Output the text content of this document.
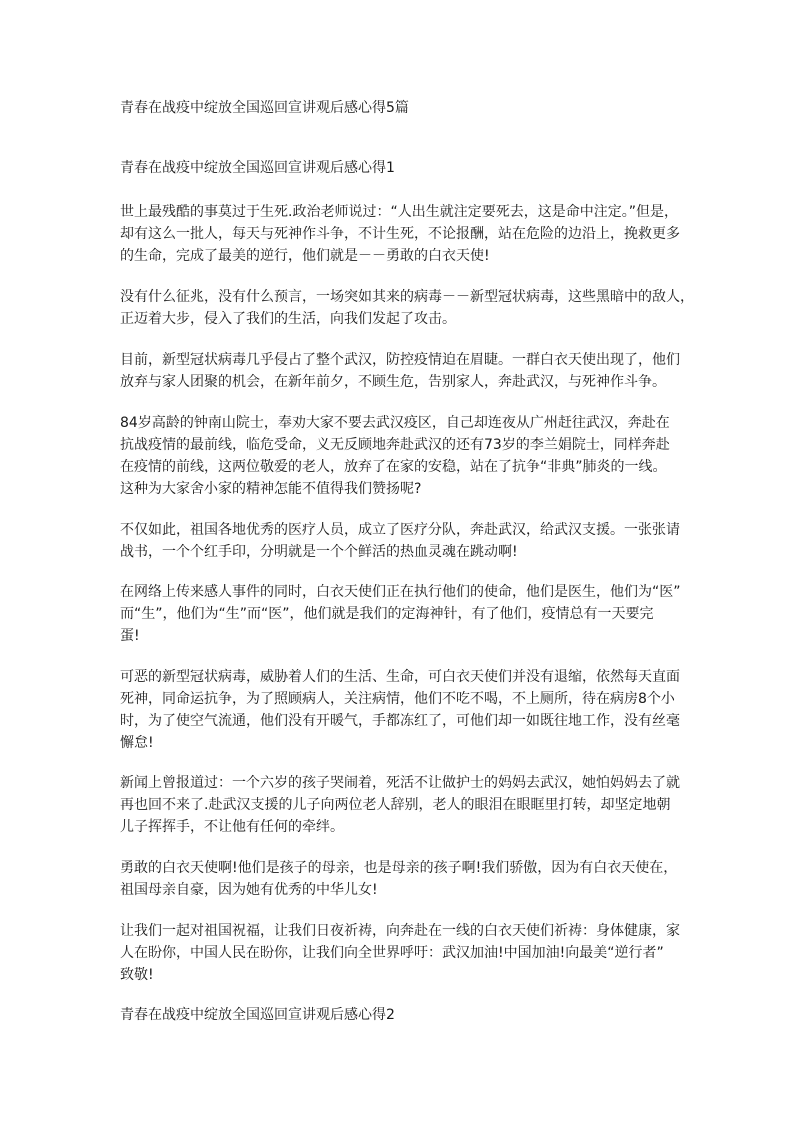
青春在战疫中绽放全国巡回宣讲观后感心得5篇
青春在战疫中绽放全国巡回宣讲观后感心得1
世上最残酷的事莫过于生死.政治老师说过：“人出生就注定要死去，这是命中注定。”但是，
却有这么一批人，每天与死神作斗争，不计生死，不论报酬，站在危险的边沿上，挽救更多
的生命，完成了最美的逆行，他们就是－－勇敢的白衣天使!
没有什么征兆，没有什么预言，一场突如其来的病毒－－新型冠状病毒，这些黑暗中的敌人，
正迈着大步，侵入了我们的生活，向我们发起了攻击。
目前，新型冠状病毒几乎侵占了整个武汉，防控疫情迫在眉睫。一群白衣天使出现了，他们
放弃与家人团聚的机会，在新年前夕，不顾生危，告别家人，奔赴武汉，与死神作斗争。
84岁高龄的钟南山院士，奉劝大家不要去武汉疫区，自己却连夜从广州赶往武汉，奔赴在
抗战疫情的最前线，临危受命，义无反顾地奔赴武汉的还有73岁的李兰娟院士，同样奔赴
在疫情的前线，这两位敬爱的老人，放弃了在家的安稳，站在了抗争“非典”肺炎的一线。
这种为大家舍小家的精神怎能不值得我们赞扬呢?
不仅如此，祖国各地优秀的医疗人员，成立了医疗分队，奔赴武汉，给武汉支援。一张张请
战书，一个个红手印，分明就是一个个鲜活的热血灵魂在跳动啊!
在网络上传来感人事件的同时，白衣天使们正在执行他们的使命，他们是医生，他们为“医”
而“生”，他们为“生”而“医”，他们就是我们的定海神针，有了他们，疫情总有一天要完
蛋!
可恶的新型冠状病毒，威胁着人们的生活、生命，可白衣天使们并没有退缩，依然每天直面
死神，同命运抗争，为了照顾病人，关注病情，他们不吃不喝，不上厕所，待在病房8个小
时，为了使空气流通，他们没有开暖气，手都冻红了，可他们却一如既往地工作，没有丝毫
懈怠!
新闻上曾报道过：一个六岁的孩子哭闹着，死活不让做护士的妈妈去武汉，她怕妈妈去了就
再也回不来了.赴武汉支援的儿子向两位老人辞别，老人的眼泪在眼眶里打转，却坚定地朝
儿子挥挥手，不让他有任何的牵绊。
勇敢的白衣天使啊!他们是孩子的母亲，也是母亲的孩子啊!我们骄傲，因为有白衣天使在，
祖国母亲自豪，因为她有优秀的中华儿女!
让我们一起对祖国祝福，让我们日夜祈祷，向奔赴在一线的白衣天使们祈祷：身体健康，家
人在盼你，中国人民在盼你，让我们向全世界呼吁：武汉加油!中国加油!向最美“逆行者”
致敬!
青春在战疫中绽放全国巡回宣讲观后感心得2
